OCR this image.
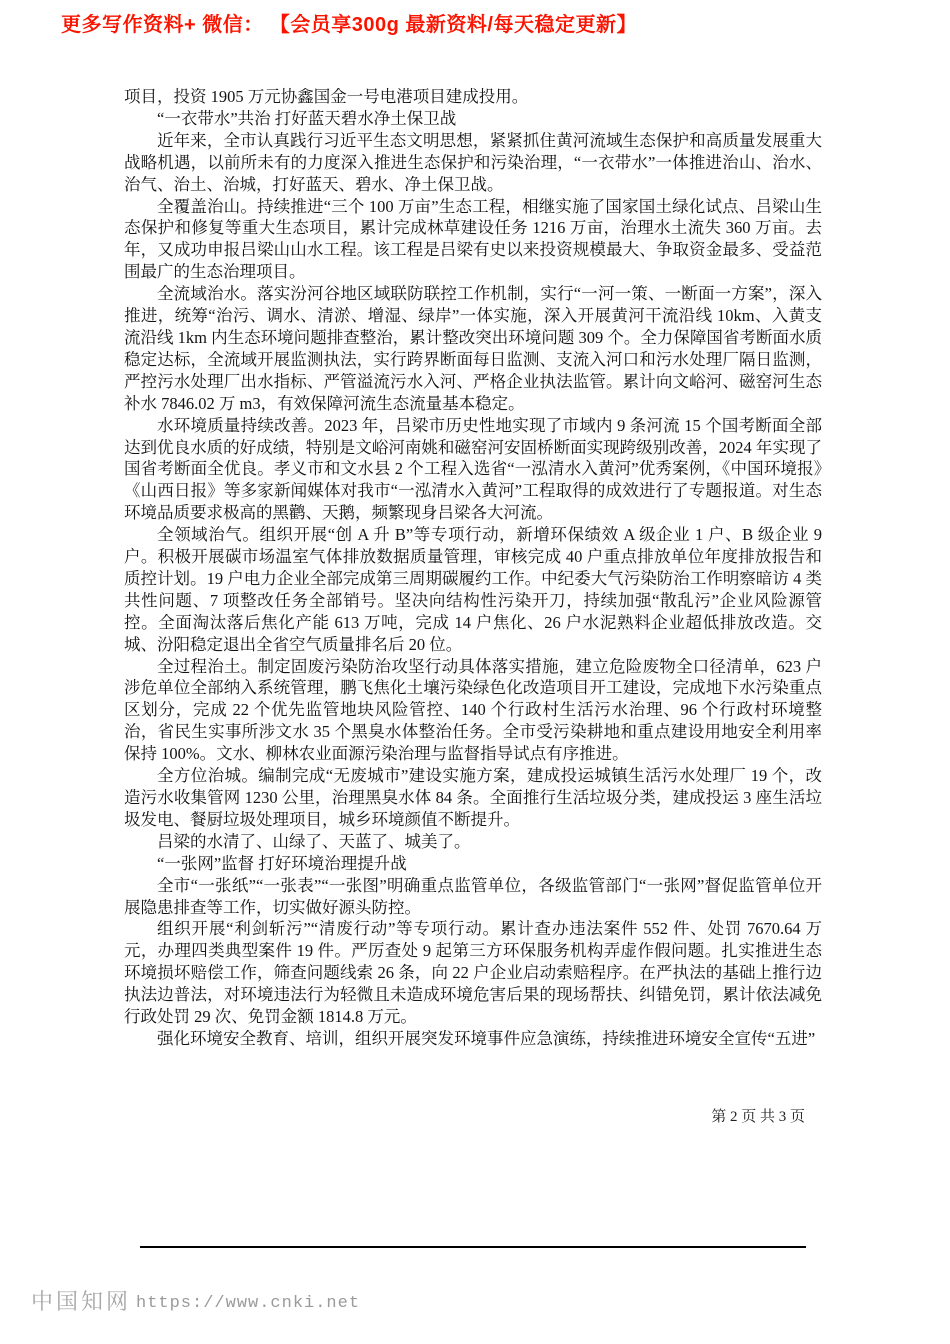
更多写作资料+ 微信： 【会员享300g 最新资料/每天稳定更新】

项目，投资 1905 万元协鑫国金一号电港项目建成投用。

“一衣带水”共治 打好蓝天碧水净土保卫战

近年来，全市认真践行习近平生态文明思想，紧紧抓住黄河流域生态保护和高质量发展重大战略机遇，以前所未有的力度深入推进生态保护和污染治理，“一衣带水”一体推进治山、治水、治气、治土、治城，打好蓝天、碧水、净土保卫战。

全覆盖治山。持续推进“三个 100 万亩”生态工程，相继实施了国家国土绿化试点、吕梁山生态保护和修复等重大生态项目，累计完成林草建设任务 1216 万亩，治理水土流失 360 万亩。去年，又成功申报吕梁山山水工程。该工程是吕梁有史以来投资规模最大、争取资金最多、受益范围最广的生态治理项目。

全流域治水。落实汾河谷地区域联防联控工作机制，实行“一河一策、一断面一方案”，深入推进，统筹“治污、调水、清淤、增湿、绿岸”一体实施，深入开展黄河干流沿线 10km、入黄支流沿线 1km 内生态环境问题排查整治，累计整改突出环境问题 309 个。全力保障国省考断面水质稳定达标，全流域开展监测执法，实行跨界断面每日监测、支流入河口和污水处理厂隔日监测，严控污水处理厂出水指标、严管溢流污水入河、严格企业执法监管。累计向文峪河、磁窑河生态补水 7846.02 万 m3，有效保障河流生态流量基本稳定。

水环境质量持续改善。2023 年，吕梁市历史性地实现了市域内 9 条河流 15 个国考断面全部达到优良水质的好成绩，特别是文峪河南姚和磁窑河安固桥断面实现跨级别改善，2024 年实现了国省考断面全优良。孝义市和文水县 2 个工程入选省“一泓清水入黄河”优秀案例，《中国环境报》《山西日报》等多家新闻媒体对我市“一泓清水入黄河”工程取得的成效进行了专题报道。对生态环境品质要求极高的黑鹳、天鹅，频繁现身吕梁各大河流。

全领域治气。组织开展“创 A 升 B”等专项行动，新增环保绩效 A 级企业 1 户、B 级企业 9 户。积极开展碳市场温室气体排放数据质量管理，审核完成 40 户重点排放单位年度排放报告和质控计划。19 户电力企业全部完成第三周期碳履约工作。中纪委大气污染防治工作明察暗访 4 类共性问题、7 项整改任务全部销号。坚决向结构性污染开刀，持续加强“散乱污”企业风险源管控。全面淘汰落后焦化产能 613 万吨，完成 14 户焦化、26 户水泥熟料企业超低排放改造。交城、汾阳稳定退出全省空气质量排名后 20 位。

全过程治土。制定固废污染防治攻坚行动具体落实措施，建立危险废物全口径清单，623 户涉危单位全部纳入系统管理，鹏飞焦化土壤污染绿色化改造项目开工建设，完成地下水污染重点区划分，完成 22 个优先监管地块风险管控、140 个行政村生活污水治理、96 个行政村环境整治，省民生实事所涉文水 35 个黑臭水体整治任务。全市受污染耕地和重点建设用地安全利用率保持 100%。文水、柳林农业面源污染治理与监督指导试点有序推进。

全方位治城。编制完成“无废城市”建设实施方案，建成投运城镇生活污水处理厂 19 个，改造污水收集管网 1230 公里，治理黑臭水体 84 条。全面推行生活垃圾分类，建成投运 3 座生活垃圾发电、餐厨垃圾处理项目，城乡环境颜值不断提升。

吕梁的水清了、山绿了、天蓝了、城美了。

“一张网”监督 打好环境治理提升战

全市“一张纸”“一张表”“一张图”明确重点监管单位，各级监管部门“一张网”督促监管单位开展隐患排查等工作，切实做好源头防控。

组织开展“利剑斩污”“清废行动”等专项行动。累计查办违法案件 552 件、处罚 7670.64 万元，办理四类典型案件 19 件。严厉查处 9 起第三方环保服务机构弄虚作假问题。扎实推进生态环境损坏赔偿工作，筛查问题线索 26 条，向 22 户企业启动索赔程序。在严执法的基础上推行边执法边普法，对环境违法行为轻微且未造成环境危害后果的现场帮扶、纠错免罚，累计依法减免行政处罚 29 次、免罚金额 1814.8 万元。

强化环境安全教育、培训，组织开展突发环境事件应急演练，持续推进环境安全宣传“五进”

第 2 页 共 3 页
中国知网 https://www.cnki.net
